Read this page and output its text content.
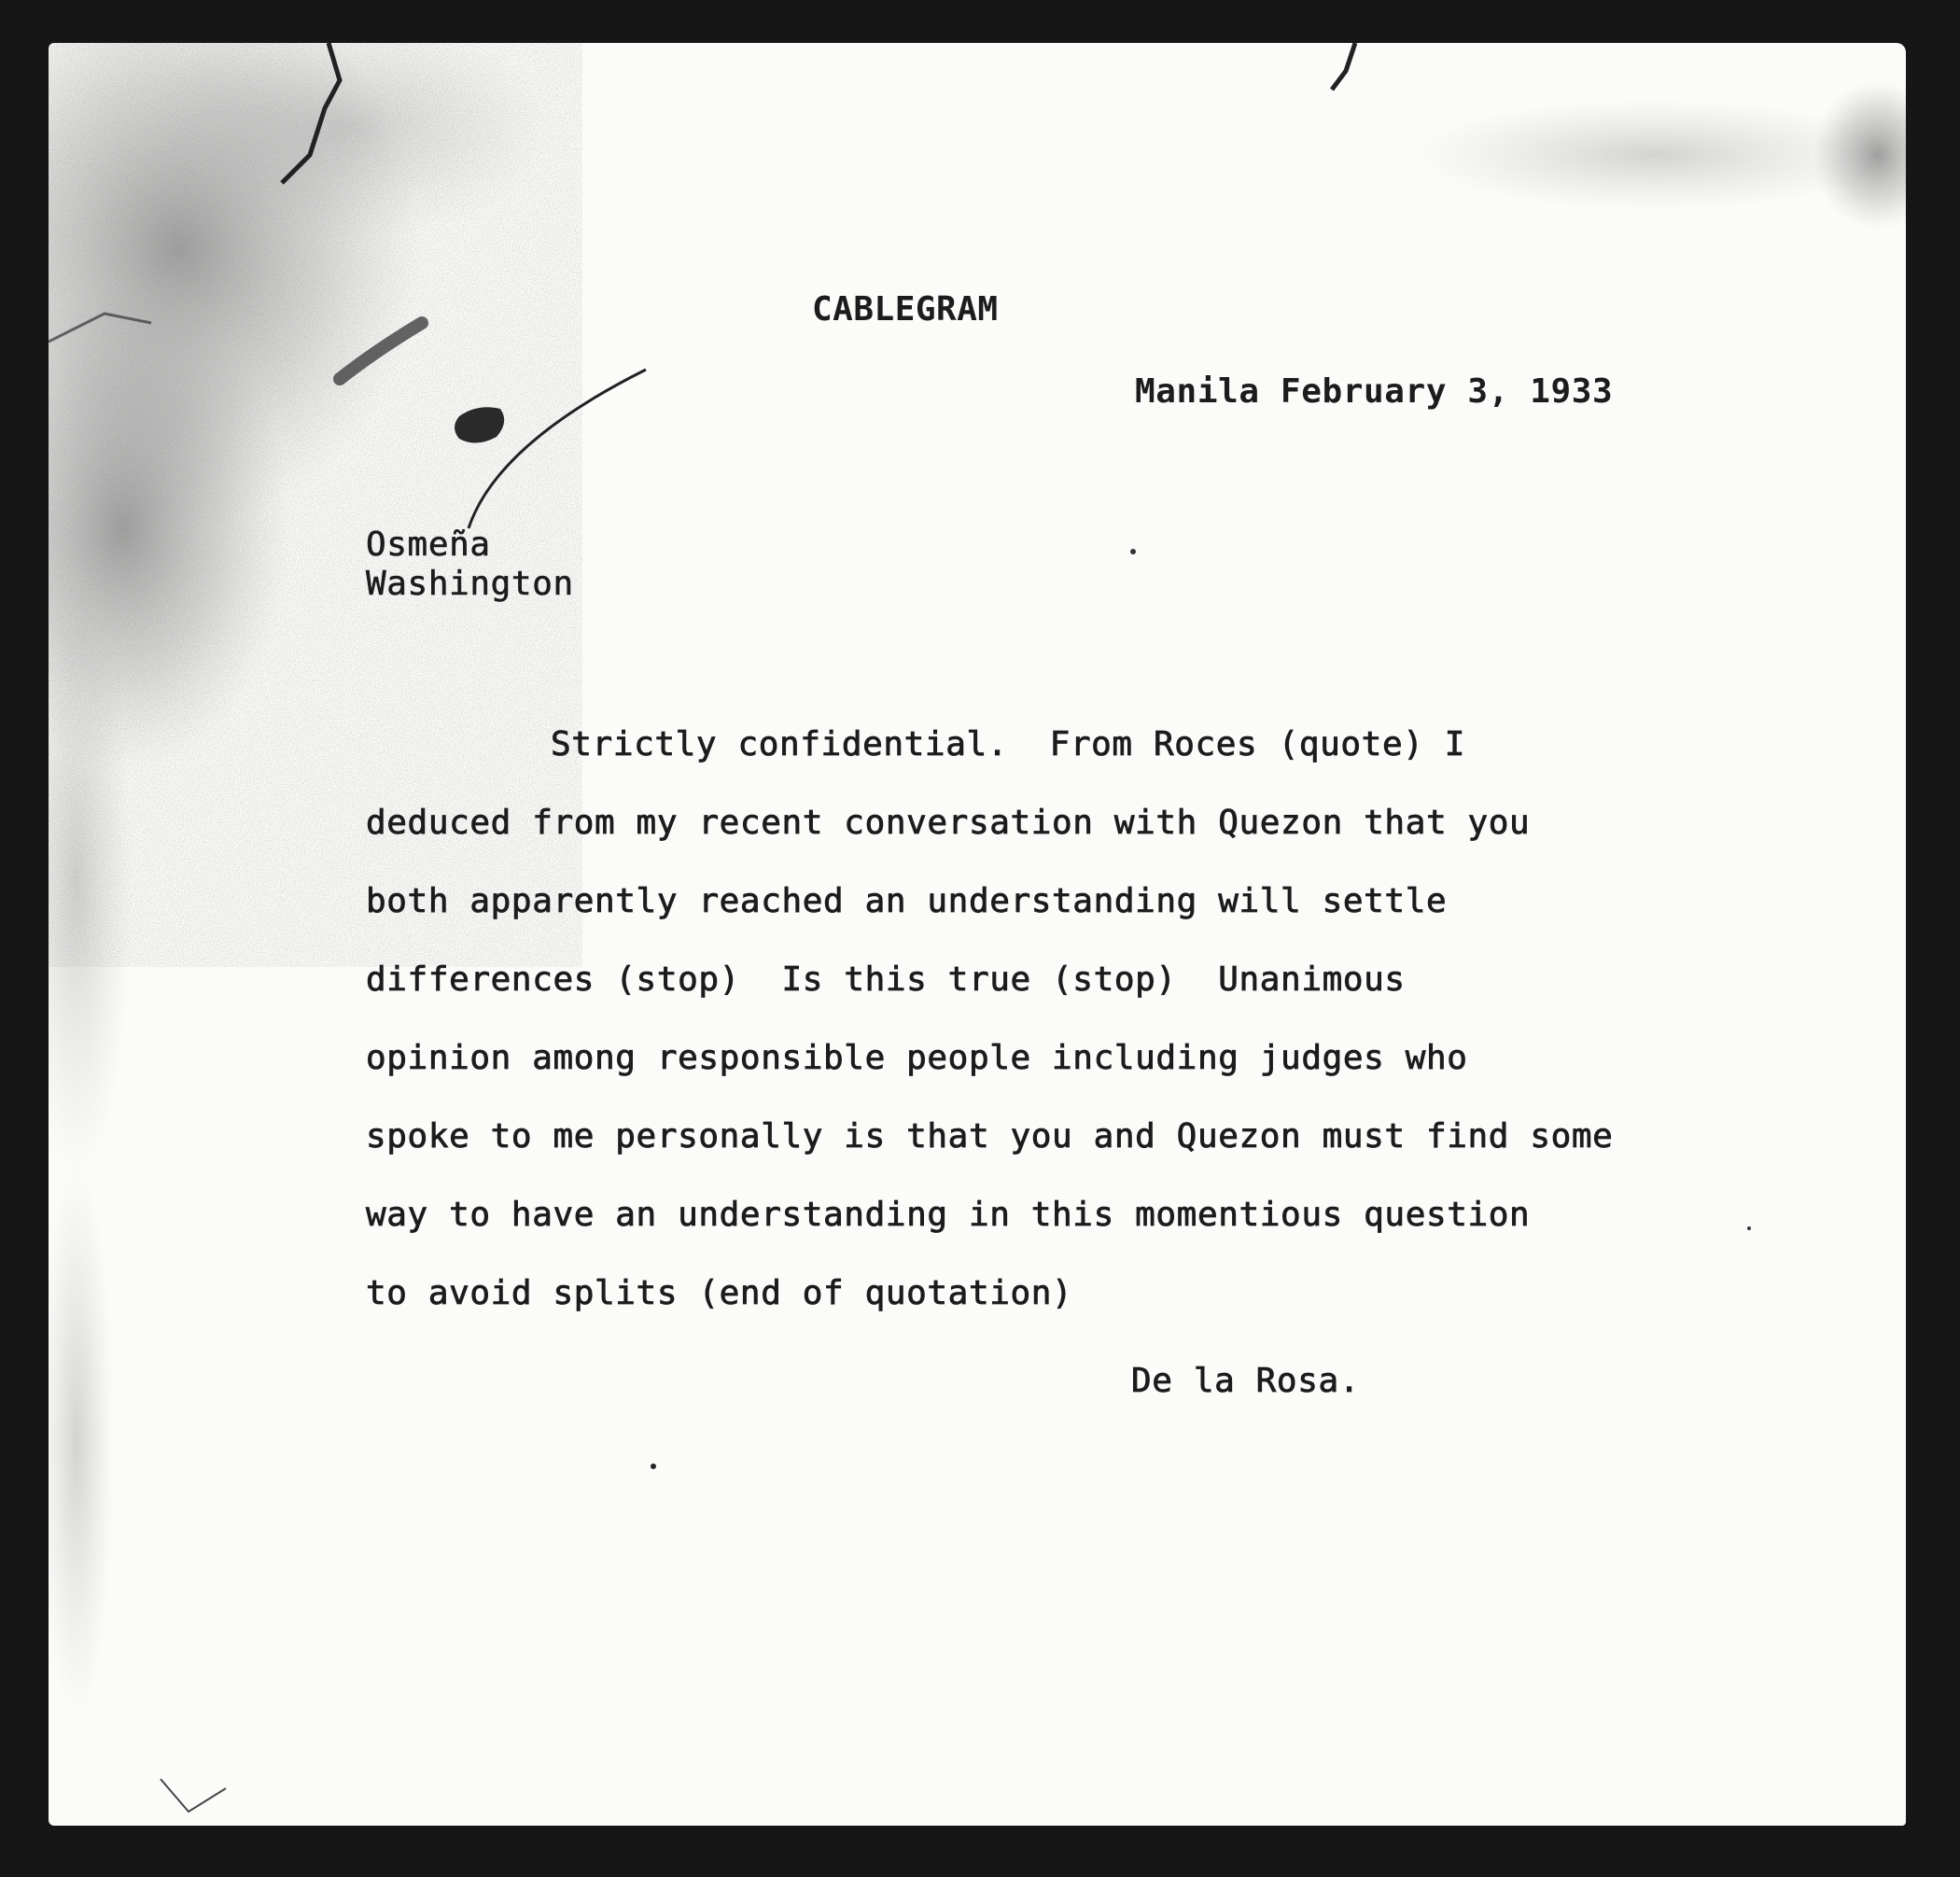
CABLEGRAM
Manila February 3, 1933
Osmeña
Washington
Strictly confidential.  From Roces (quote) I
deduced from my recent conversation with Quezon that you
both apparently reached an understanding will settle
differences (stop)  Is this true (stop)  Unanimous
opinion among responsible people including judges who
spoke to me personally is that you and Quezon must find some
way to have an understanding in this momentious question
to avoid splits (end of quotation)
De la Rosa.
